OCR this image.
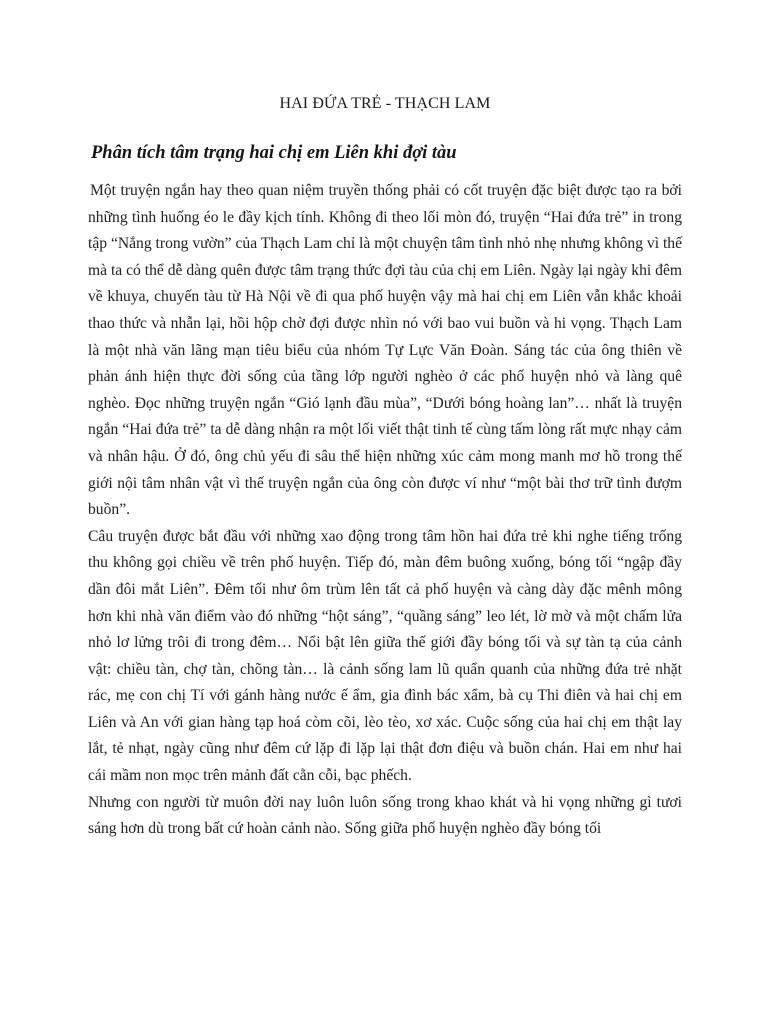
HAI ĐỨA TRẺ - THẠCH LAM
Phân tích tâm trạng hai chị em Liên khi đợi tàu

Một truyện ngắn hay theo quan niệm truyền thống phải có cốt truyện đặc biệt được tạo ra bởi những tình huống éo le đầy kịch tính. Không đi theo lối mòn đó, truyện “Hai đứa trẻ” in trong tập “Nắng trong vườn” của Thạch Lam chỉ là một chuyện tâm tình nhỏ nhẹ nhưng không vì thế mà ta có thể dễ dàng quên được tâm trạng thức đợi tàu của chị em Liên. Ngày lại ngày khi đêm về khuya, chuyến tàu từ Hà Nội về đi qua phố huyện vậy mà hai chị em Liên vẫn khắc khoải thao thức và nhẫn lại, hồi hộp chờ đợi được nhìn nó với bao vui buồn và hi vọng. Thạch Lam là một nhà văn lãng mạn tiêu biểu của nhóm Tự Lực Văn Đoàn. Sáng tác của ông thiên về phản ánh hiện thực đời sống của tầng lớp người nghèo ở các phố huyện nhỏ và làng quê nghèo. Đọc những truyện ngắn “Gió lạnh đầu mùa”, “Dưới bóng hoàng lan”… nhất là truyện ngắn “Hai đứa trẻ” ta dễ dàng nhận ra một lối viết thật tinh tế cùng tấm lòng rất mực nhạy cảm và nhân hậu. Ở đó, ông chủ yếu đi sâu thể hiện những xúc cảm mong manh mơ hồ trong thế giới nội tâm nhân vật vì thế truyện ngắn của ông còn được ví như “một bài thơ trữ tình đượm buồn”.

Câu truyện được bắt đầu với những xao động trong tâm hồn hai đứa trẻ khi nghe tiếng trống thu không gọi chiều về trên phố huyện. Tiếp đó, màn đêm buông xuống, bóng tối “ngập đầy dần đôi mắt Liên”. Đêm tối như ôm trùm lên tất cả phố huyện và càng dày đặc mênh mông hơn khi nhà văn điểm vào đó những “hột sáng”, “quầng sáng” leo lét, lờ mờ và một chấm lửa nhỏ lơ lửng trôi đi trong đêm… Nổi bật lên giữa thế giới đầy bóng tối và sự tàn tạ của cảnh vật: chiều tàn, chợ tàn, chõng tàn… là cảnh sống lam lũ quẩn quanh của những đứa trẻ nhặt rác, mẹ con chị Tí với gánh hàng nước ế ẩm, gia đình bác xẩm, bà cụ Thi điên và hai chị em Liên và An với gian hàng tạp hoá còm cõi, lèo tèo, xơ xác. Cuộc sống của hai chị em thật lay lắt, tẻ nhạt, ngày cũng như đêm cứ lặp đi lặp lại thật đơn điệu và buồn chán. Hai em như hai cái mầm non mọc trên mảnh đất cằn cỗi, bạc phếch.

Nhưng con người từ muôn đời nay luôn luôn sống trong khao khát và hi vọng những gì tươi sáng hơn dù trong bất cứ hoàn cảnh nào. Sống giữa phố huyện nghèo đầy bóng tối
